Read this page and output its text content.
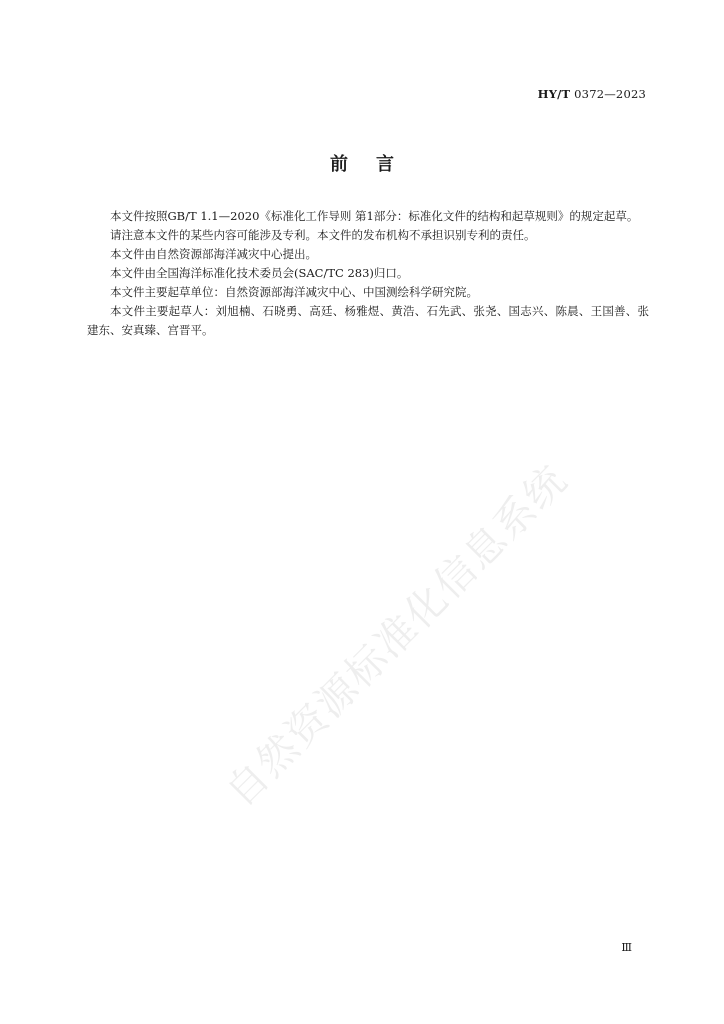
HY/T 0372—2023
前言

本文件按照GB/T 1.1—2020《标准化工作导则 第1部分：标准化文件的结构和起草规则》的规定起草。

请注意本文件的某些内容可能涉及专利。本文件的发布机构不承担识别专利的责任。

本文件由自然资源部海洋减灾中心提出。

本文件由全国海洋标准化技术委员会(SAC/TC 283)归口。

本文件主要起草单位：自然资源部海洋减灾中心、中国测绘科学研究院。

本文件主要起草人：刘旭楠、石晓勇、高廷、杨雅煜、黄浩、石先武、张尧、国志兴、陈晨、王国善、张建东、安真臻、宫晋平。

自然资源标准化信息系统
Ⅲ
